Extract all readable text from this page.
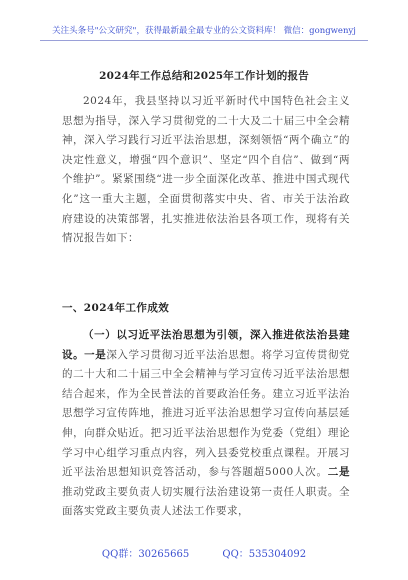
关注头条号"公文研究"，获得最新最全最专业的公文资料库！ 微信：gongwenyj
2024年工作总结和2025年工作计划的报告
2024年，我县坚持以习近平新时代中国特色社会主义思想为指导，深入学习贯彻党的二十大及二十届三中全会精神，深入学习践行习近平法治思想，深刻领悟“两个确立”的决定性意义，增强“四个意识”、坚定“四个自信”、做到“两个维护”。紧紧围绕“进一步全面深化改革、推进中国式现代化”这一重大主题，全面贯彻落实中央、省、市关于法治政府建设的决策部署，扎实推进依法治县各项工作，现将有关情况报告如下：
一、2024年工作成效
（一）以习近平法治思想为引领，深入推进依法治县建设。一是深入学习贯彻习近平法治思想。将学习宣传贯彻党的二十大和二十届三中全会精神与学习宣传习近平法治思想结合起来，作为全民普法的首要政治任务。建立习近平法治思想学习宣传阵地，推进习近平法治思想学习宣传向基层延伸，向群众贴近。把习近平法治思想作为党委（党组）理论学习中心组学习重点内容，列入县委党校重点课程。开展习近平法治思想知识竞答活动，参与答题超5000人次。二是推动党政主要负责人切实履行法治建设第一责任人职责。全面落实党政主要负责人述法工作要求，
QQ群：30265665	QQ：535304092
